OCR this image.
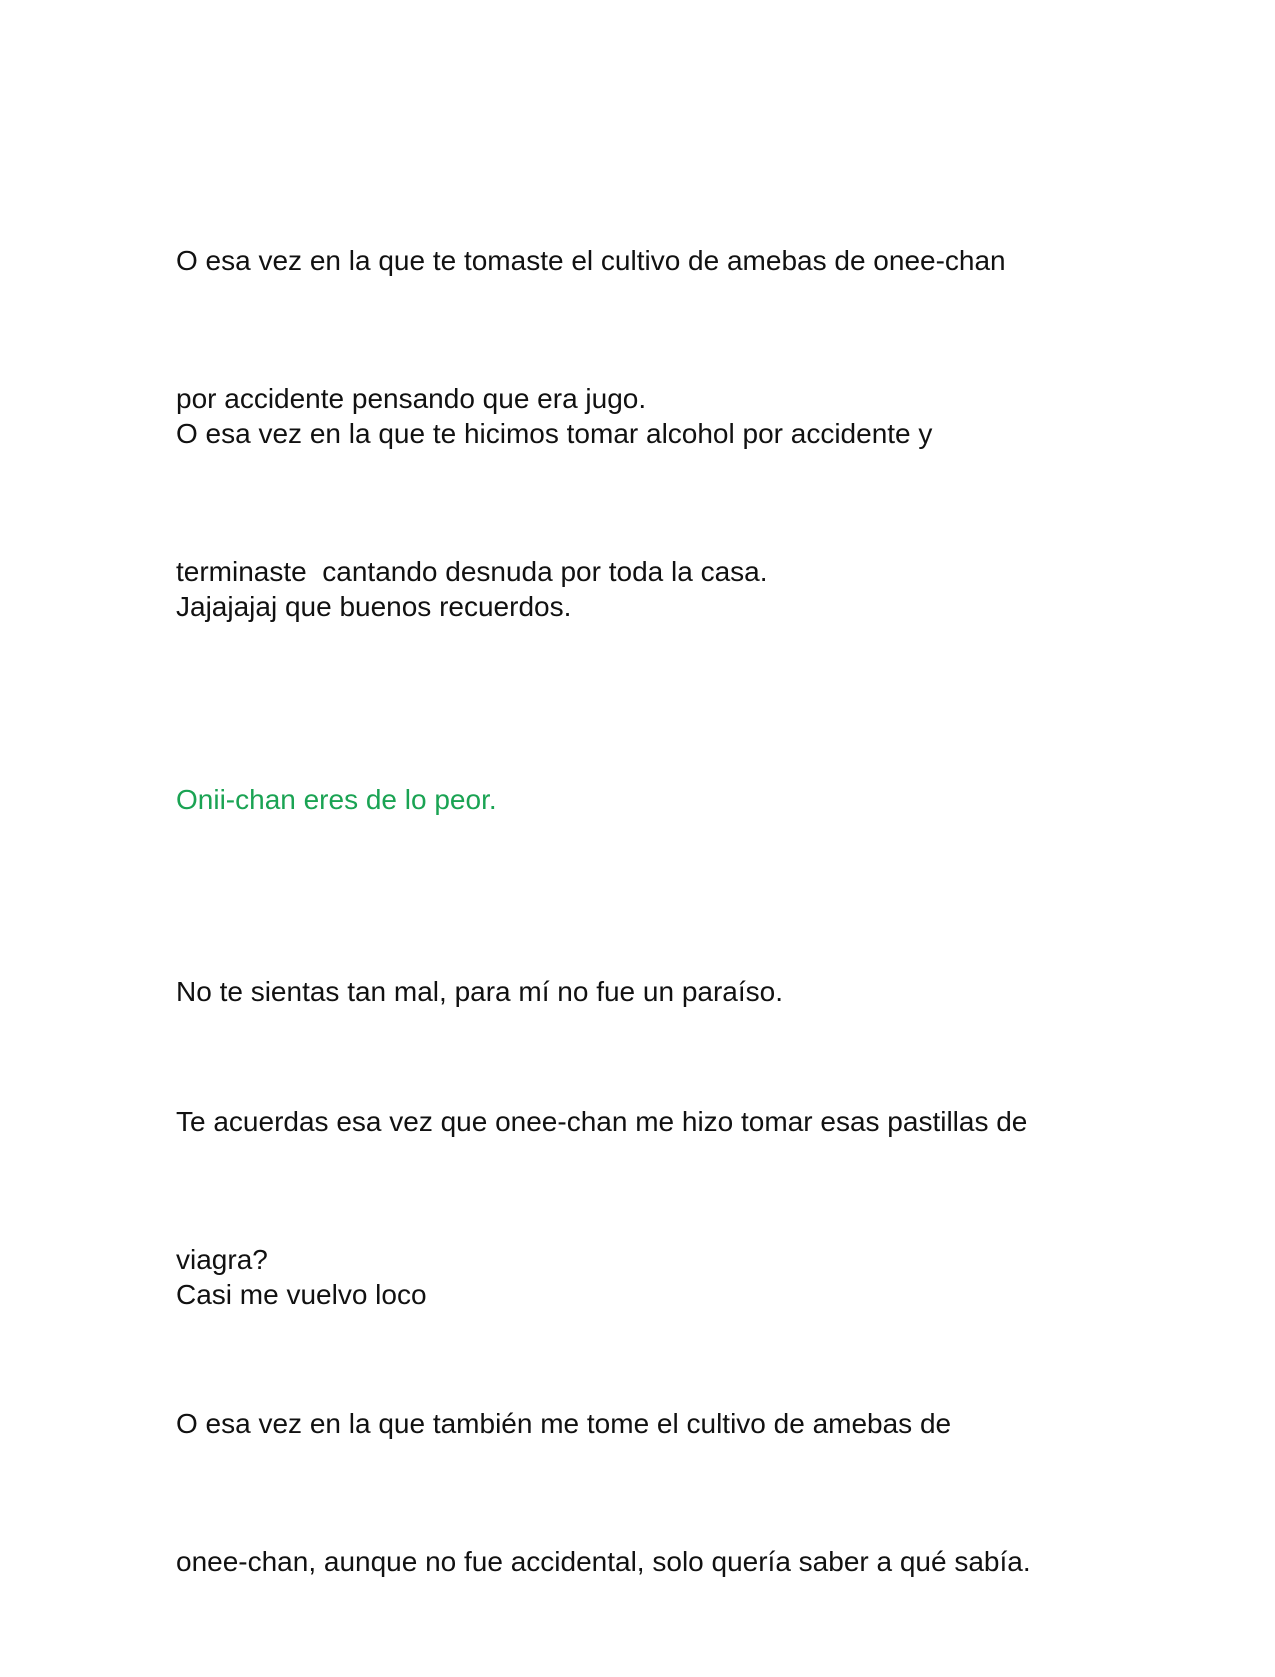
O esa vez en la que te tomaste el cultivo de amebas de onee-chan

por accidente pensando que era jugo.

O esa vez en la que te hicimos tomar alcohol por accidente y

terminaste  cantando desnuda por toda la casa.

Jajajajaj que buenos recuerdos.

Onii-chan eres de lo peor.

No te sientas tan mal, para mí no fue un paraíso.

Te acuerdas esa vez que onee-chan me hizo tomar esas pastillas de

viagra?

Casi me vuelvo loco

O esa vez en la que también me tome el cultivo de amebas de

onee-chan, aunque no fue accidental, solo quería saber a qué sabía.
